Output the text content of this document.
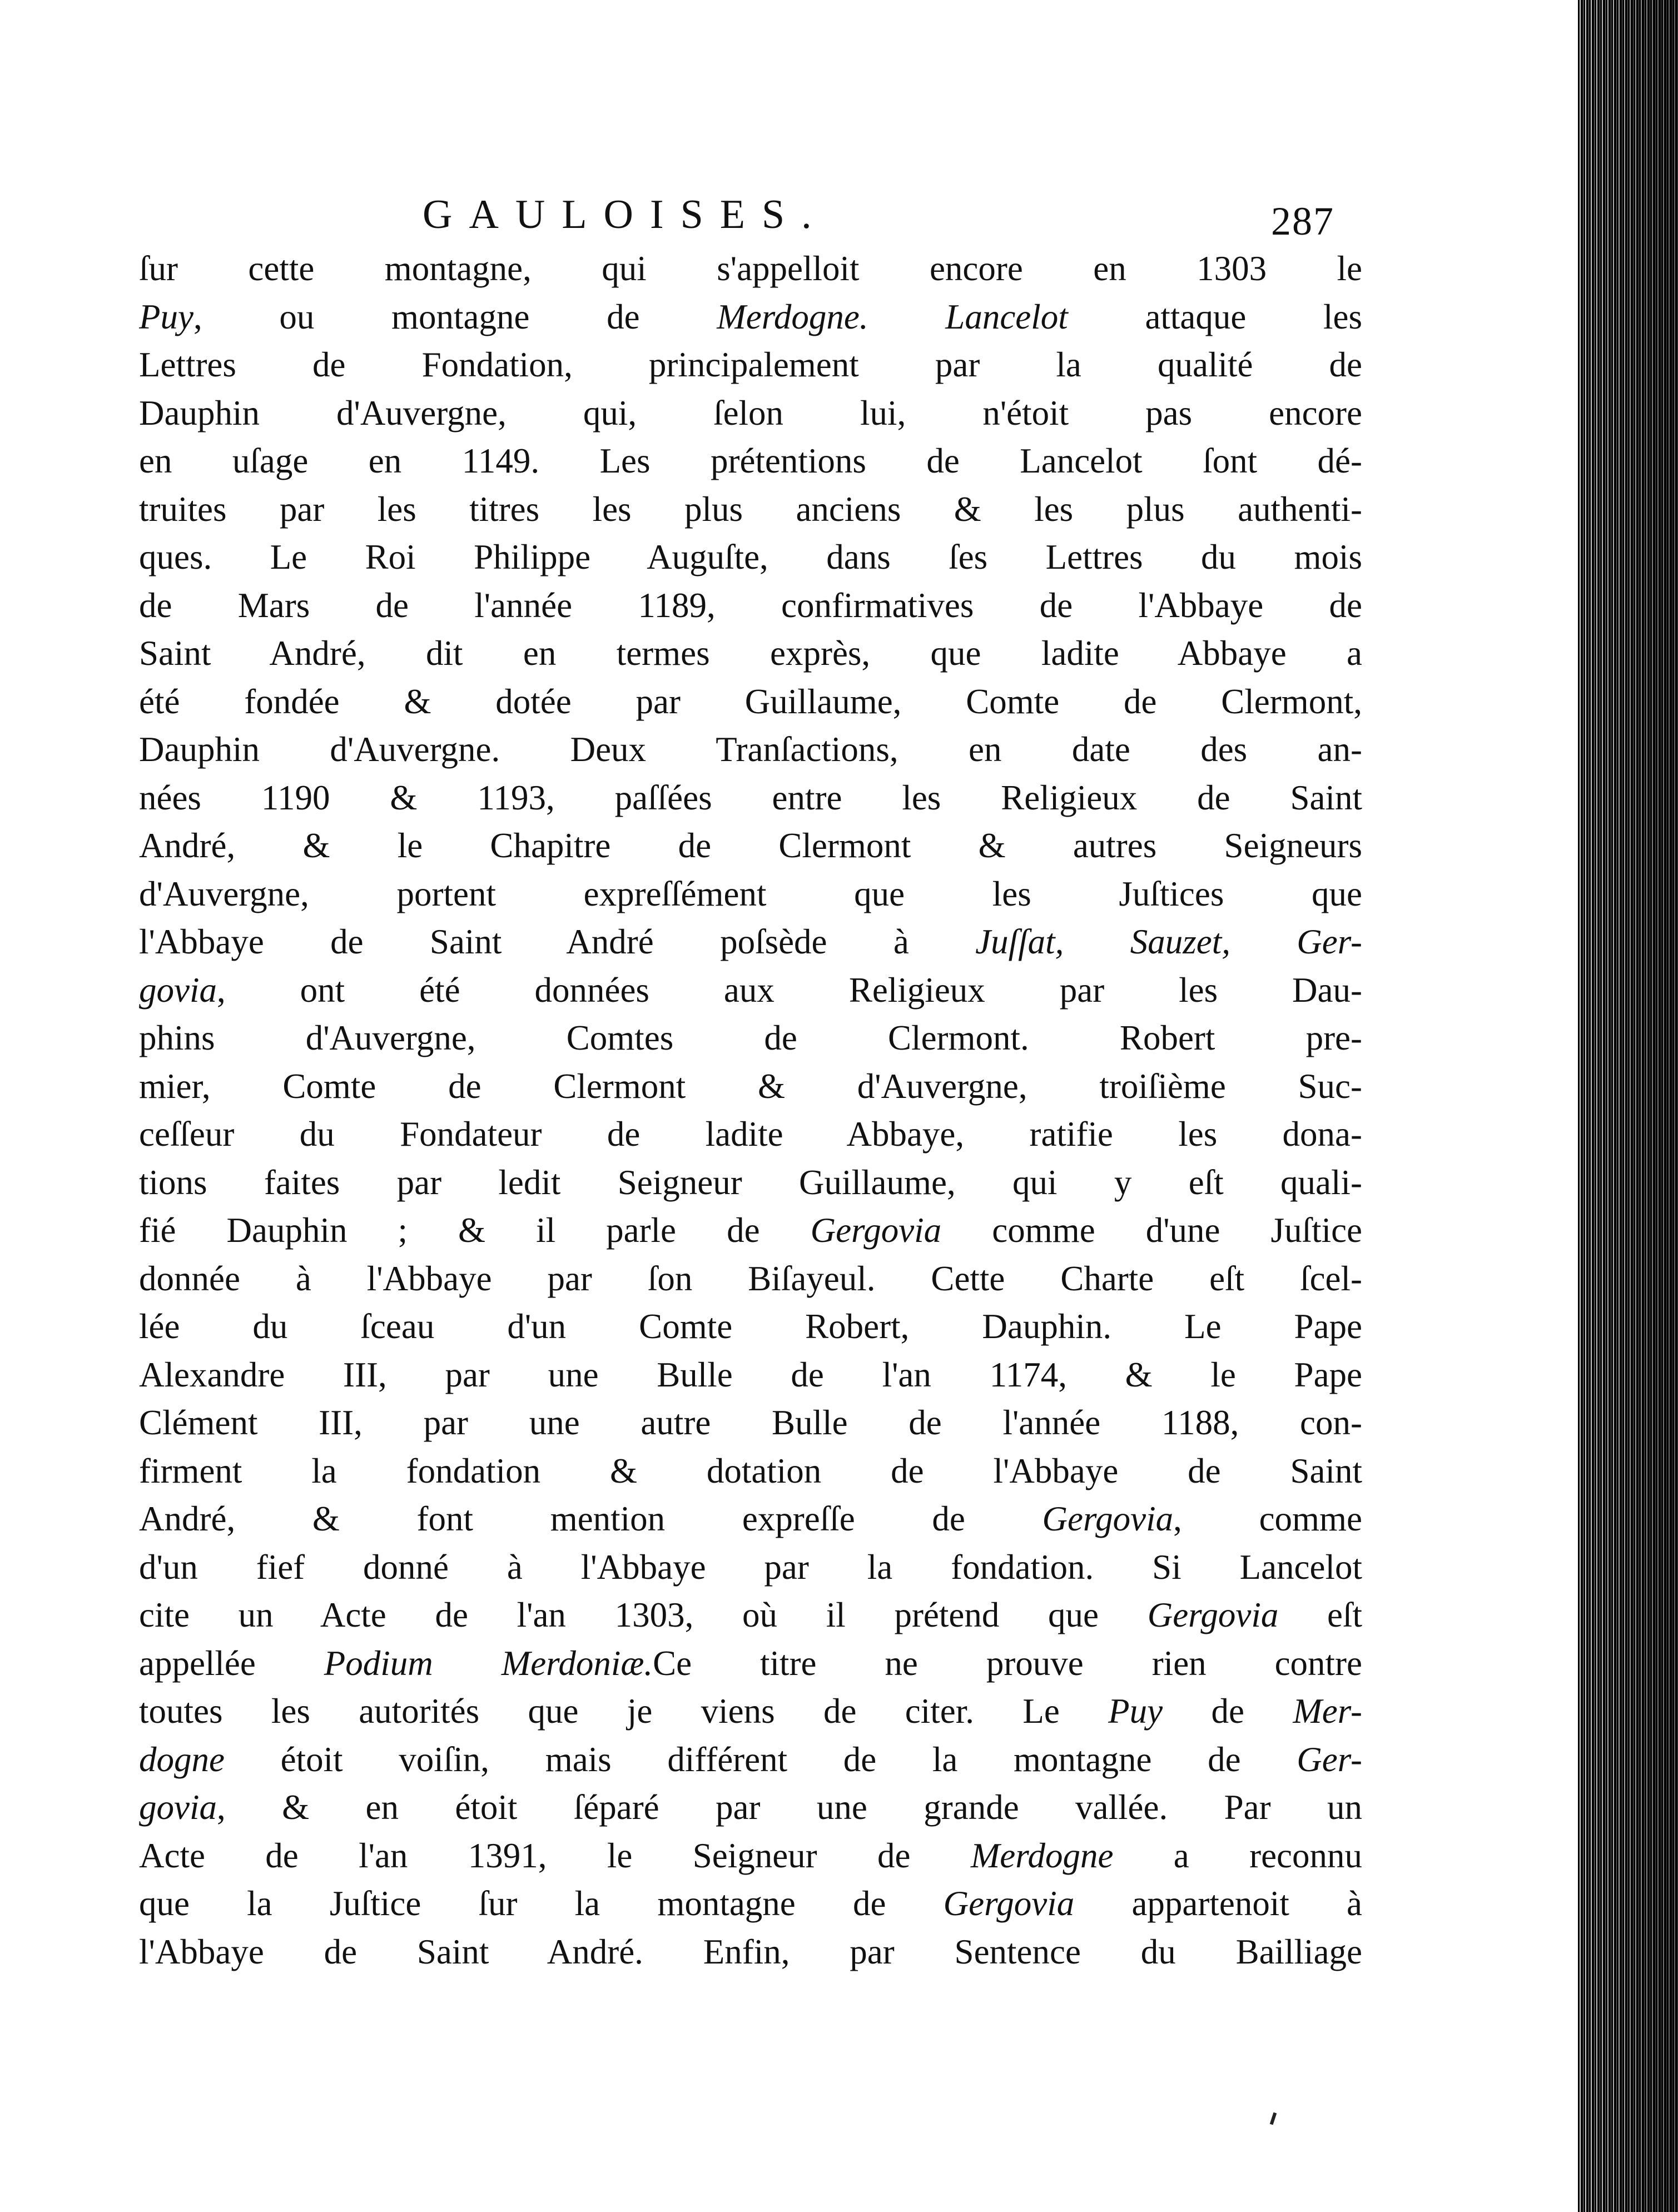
GAULOISES.	287
ſur cette montagne, qui s'appelloit encore en 1303 le
Puy, ou montagne de Merdogne. Lancelot attaque les
Lettres de Fondation, principalement par la qualité de
Dauphin d'Auvergne, qui, ſelon lui, n'étoit pas encore
en uſage en 1149. Les prétentions de Lancelot ſont dé-
truites par les titres les plus anciens & les plus authenti-
ques. Le Roi Philippe Auguſte, dans ſes Lettres du mois
de Mars de l'année 1189, confirmatives de l'Abbaye de
Saint André, dit en termes exprès, que ladite Abbaye a
été fondée & dotée par Guillaume, Comte de Clermont,
Dauphin d'Auvergne. Deux Tranſactions, en date des an-
nées 1190 & 1193, paſſées entre les Religieux de Saint
André, & le Chapitre de Clermont & autres Seigneurs
d'Auvergne, portent expreſſément que les Juſtices que
l'Abbaye de Saint André poſsède à Juſſat, Sauzet, Ger-
govia, ont été données aux Religieux par les Dau-
phins d'Auvergne, Comtes de Clermont. Robert pre-
mier, Comte de Clermont & d'Auvergne, troiſième Suc-
ceſſeur du Fondateur de ladite Abbaye, ratifie les dona-
tions faites par ledit Seigneur Guillaume, qui y eſt quali-
fié Dauphin ; & il parle de Gergovia comme d'une Juſtice
donnée à l'Abbaye par ſon Biſayeul. Cette Charte eſt ſcel-
lée du ſceau d'un Comte Robert, Dauphin. Le Pape
Alexandre III, par une Bulle de l'an 1174, & le Pape
Clément III, par une autre Bulle de l'année 1188, con-
firment la fondation & dotation de l'Abbaye de Saint
André, & font mention expreſſe de Gergovia, comme
d'un fief donné à l'Abbaye par la fondation. Si Lancelot
cite un Acte de l'an 1303, où il prétend que Gergovia eſt
appellée Podium Merdoniæ.Ce titre ne prouve rien contre
toutes les autorités que je viens de citer. Le Puy de Mer-
dogne étoit voiſin, mais différent de la montagne de Ger-
govia, & en étoit ſéparé par une grande vallée. Par un
Acte de l'an 1391, le Seigneur de Merdogne a reconnu
que la Juſtice ſur la montagne de Gergovia appartenoit à
l'Abbaye de Saint André. Enfin, par Sentence du Bailliage
